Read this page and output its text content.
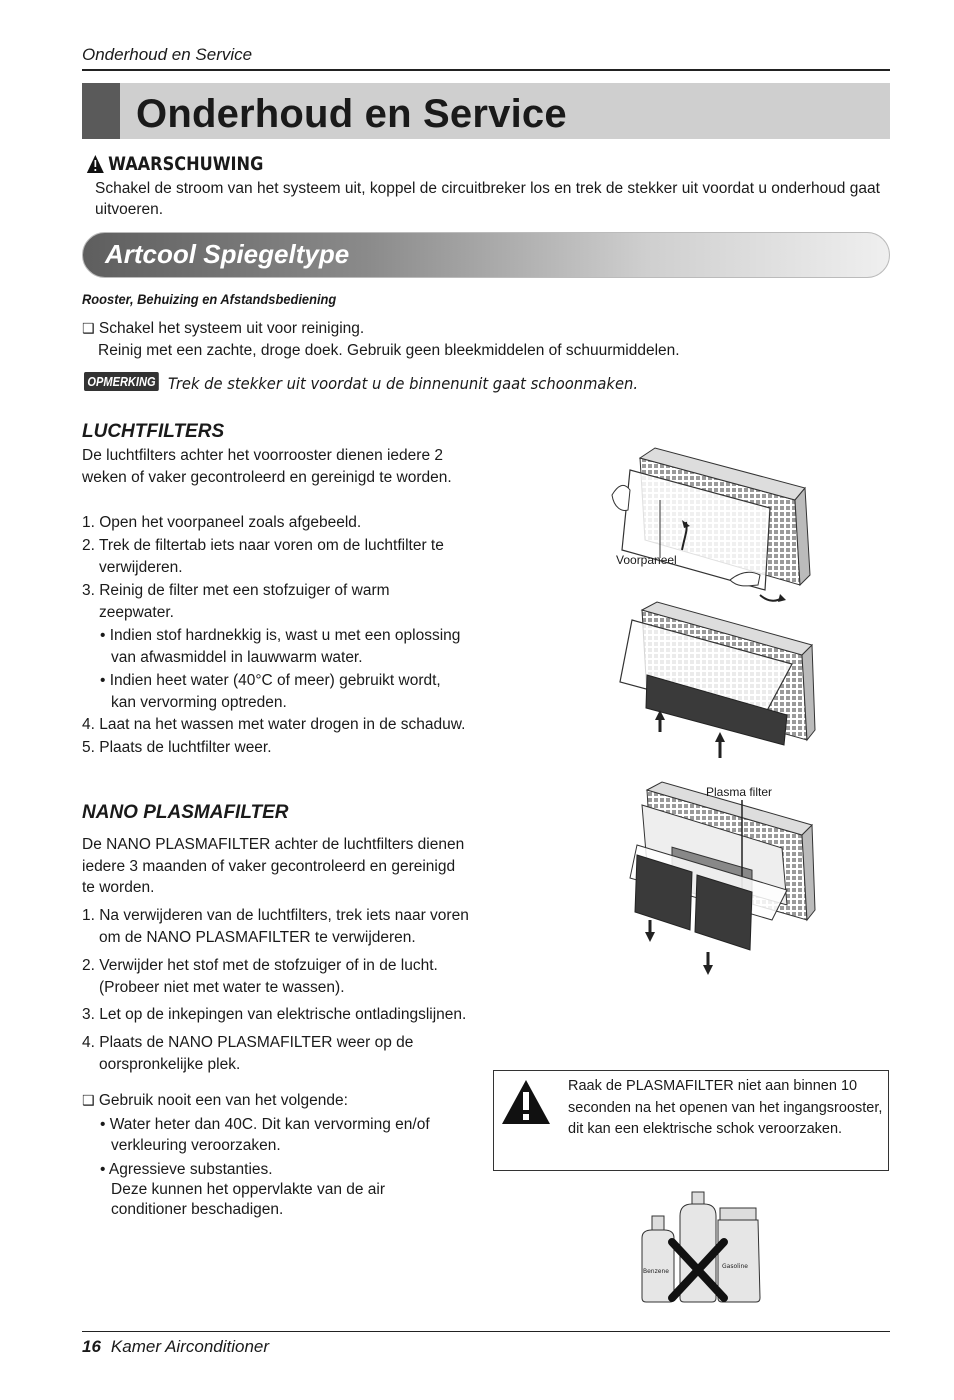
Onderhoud en Service
Onderhoud en Service
WAARSCHUWING
Schakel de stroom van het systeem uit, koppel de circuitbreker los en trek de stekker uit voordat u onderhoud gaat uitvoeren.
Artcool Spiegeltype
Rooster, Behuizing en Afstandsbediening
❑ Schakel het systeem uit voor reiniging.
Reinig met een zachte, droge doek. Gebruik geen bleekmiddelen of schuurmiddelen.
OPMERKING Trek de stekker uit voordat u de binnenunit gaat schoonmaken.
LUCHTFILTERS
De luchtfilters achter het voorrooster dienen iedere 2
weken of vaker gecontroleerd en gereinigd te worden.
1. Open het voorpaneel zoals afgebeeld.
2. Trek de filtertab iets naar voren om de luchtfilter te
verwijderen.
3. Reinig de filter met een stofzuiger of warm
zeepwater.
• Indien stof hardnekkig is, wast u met een oplossing
van afwasmiddel in lauwwarm water.
• Indien heet water (40°C of meer) gebruikt wordt,
kan vervorming optreden.
4. Laat na het wassen met water drogen in de schaduw.
5. Plaats de luchtfilter weer.
NANO PLASMAFILTER
De NANO PLASMAFILTER achter de luchtfilters dienen
iedere 3 maanden of vaker gecontroleerd en gereinigd
te worden.
1. Na verwijderen van de luchtfilters, trek iets naar voren
om de NANO PLASMAFILTER te verwijderen.
2. Verwijder het stof met de stofzuiger of in de lucht.
(Probeer niet met water te wassen).
3. Let op de inkepingen van elektrische ontladingslijnen.
4. Plaats de NANO PLASMAFILTER weer op de
oorspronkelijke plek.
❑ Gebruik nooit een van het volgende:
• Water heter dan 40C. Dit kan vervorming en/of
verkleuring veroorzaken.
• Agressieve substanties.
Deze kunnen het oppervlakte van de air
conditioner beschadigen.
Voorpaneel
Plasma filter
Raak de PLASMAFILTER niet aan binnen 10 seconden na het openen van het ingangsrooster, dit kan een elektrische schok veroorzaken.
Benzene
Gasoline
16 Kamer Airconditioner
